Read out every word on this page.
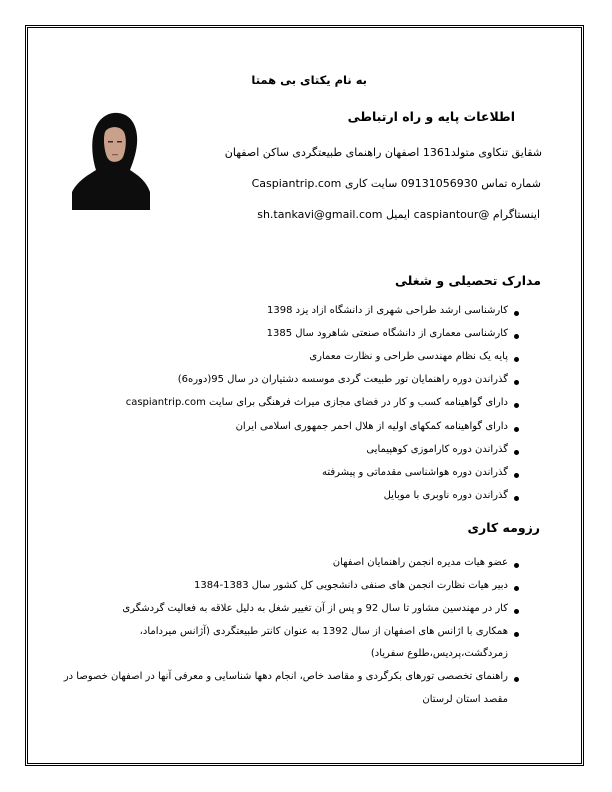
به نام یکتای بی همتا
اطلاعات پایه و راه ارتباطی
شقایق تنکاوی متولد1361 اصفهان راهنمای طبیعتگردی ساکن اصفهان
شماره تماس 09131056930 سایت کاری Caspiantrip.com
اینستاگرام @caspiantour ایمیل sh.tankavi@gmail.com
مدارک تحصیلی و شغلی
کارشناسی ارشد طراحی شهری از دانشگاه ازاد یزد 1398
کارشناسی معماری از دانشگاه صنعتی شاهرود سال 1385
پایه یک نظام مهندسی طراحی و نظارت معماری
گذراندن دوره راهنمایان تور طبیعت گردی موسسه دشتیاران در سال 95(دوره6)
دارای گواهینامه کسب و کار در فضای مجازی میراث فرهنگی برای سایت caspiantrip.com
دارای گواهینامه کمکهای اولیه از هلال احمر جمهوری اسلامی ایران
گذراندن دوره کاراموزی کوهپیمایی
گذراندن دوره هواشناسی مقدماتی و پیشرفته
گذراندن دوره ناوبری با موبایل
رزومه کاری
عضو هیات مدیره انجمن راهنمایان اصفهان
دبیر هیات نظارت انجمن های صنفی دانشجویی کل کشور سال 1383-1384
کار در مهندسین مشاور تا سال 92 و پس از آن تغییر شغل به دلیل علاقه به فعالیت گردشگری
همکاری با اژانس های اصفهان از سال 1392 به عنوان کانتر طبیعتگردی (آژانس میرداماد،
زمردگشت،پردیس،طلوع سفریاد)
راهنمای تخصصی تورهای بکرگردی و مقاصد خاص، انجام دهها شناسایی و معرفی آنها در اصفهان خصوصا در
مقصد استان لرستان
